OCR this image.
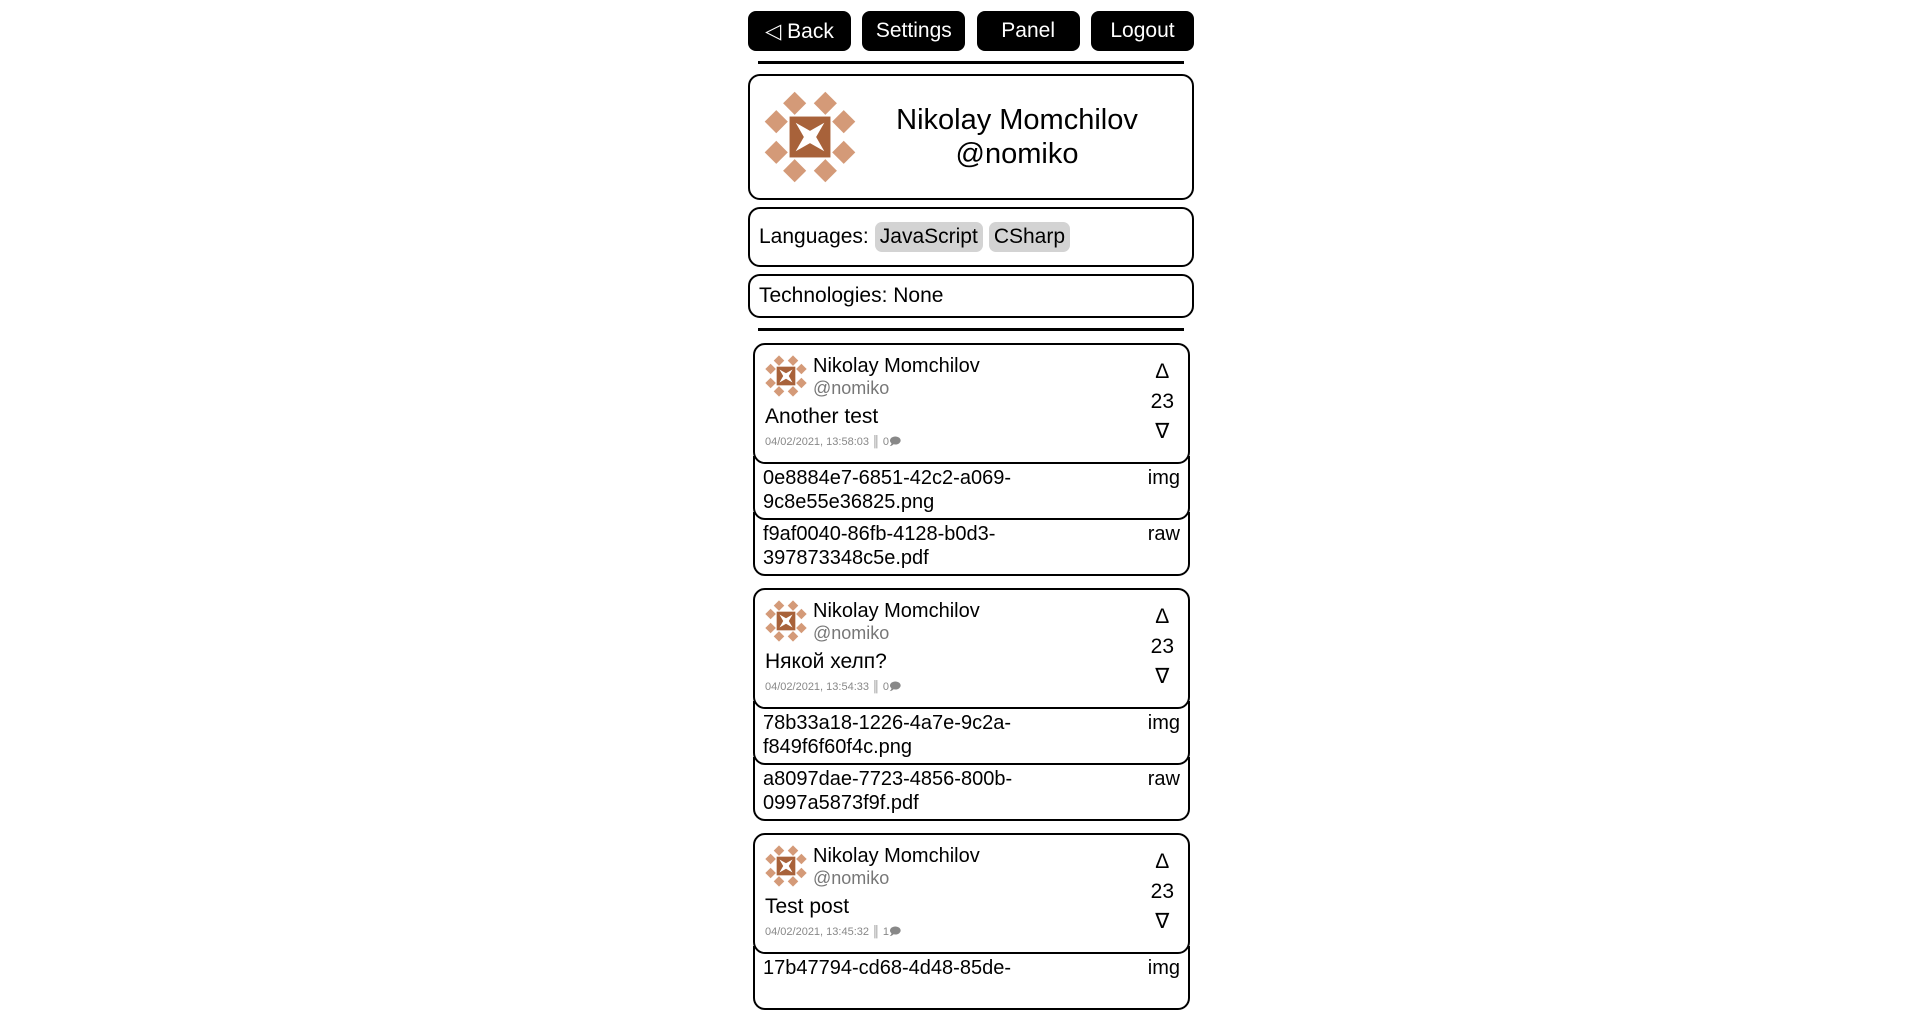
◁ Back	Settings	Panel	Logout
Nikolay Momchilov
@nomiko
Languages: JavaScript CSharp
Technologies: None
Nikolay Momchilov
@nomiko
Another test
04/02/2021, 13:58:03 ║ 0🗩
Δ
23
∇
0e8884e7-6851-42c2-a069-9c8e55e36825.png
img
f9af0040-86fb-4128-b0d3-397873348c5e.pdf
raw
Nikolay Momchilov
@nomiko
Някой хелп?
04/02/2021, 13:54:33 ║ 0🗩
Δ
23
∇
78b33a18-1226-4a7e-9c2a-f849f6f60f4c.png
img
a8097dae-7723-4856-800b-0997a5873f9f.pdf
raw
Nikolay Momchilov
@nomiko
Test post
04/02/2021, 13:45:32 ║ 1🗩
Δ
23
∇
17b47794-cd68-4d48-85de-	img
